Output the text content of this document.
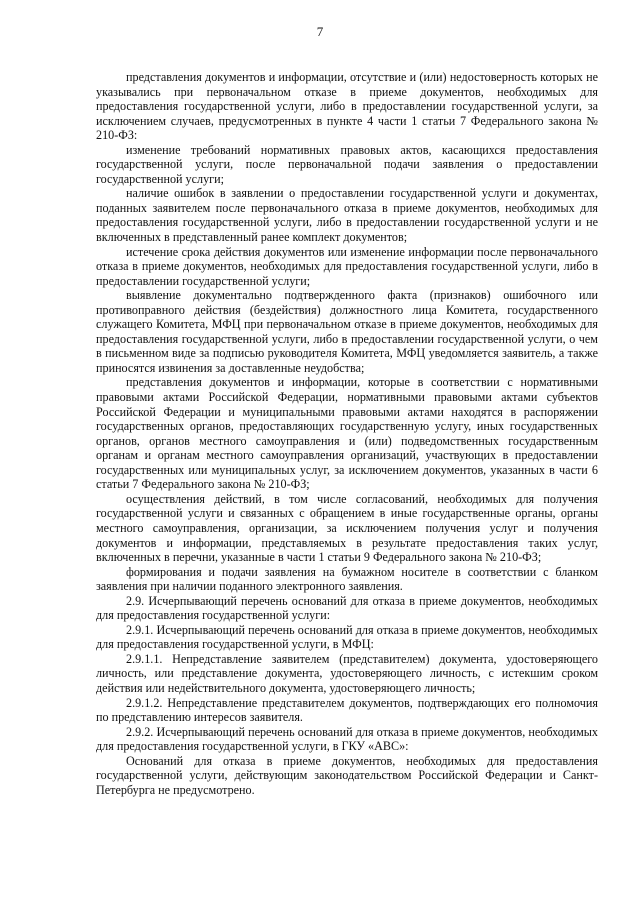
7

представления документов и информации, отсутствие и (или) недостоверность которых не указывались при первоначальном отказе в приеме документов, необходимых для предоставления государственной услуги, либо в предоставлении государственной услуги, за исключением случаев, предусмотренных в пункте 4 части 1 статьи 7 Федерального закона № 210-ФЗ:

изменение требований нормативных правовых актов, касающихся предоставления государственной услуги, после первоначальной подачи заявления о предоставлении государственной услуги;

наличие ошибок в заявлении о предоставлении государственной услуги и документах, поданных заявителем после первоначального отказа в приеме документов, необходимых для предоставления государственной услуги, либо в предоставлении государственной услуги и не включенных в представленный ранее комплект документов;

истечение срока действия документов или изменение информации после первоначального отказа в приеме документов, необходимых для предоставления государственной услуги, либо в предоставлении государственной услуги;

выявление документально подтвержденного факта (признаков) ошибочного или противоправного действия (бездействия) должностного лица Комитета, государственного служащего Комитета, МФЦ при первоначальном отказе в приеме документов, необходимых для предоставления государственной услуги, либо в предоставлении государственной услуги, о чем в письменном виде за подписью руководителя Комитета, МФЦ уведомляется заявитель, а также приносятся извинения за доставленные неудобства;

представления документов и информации, которые в соответствии с нормативными правовыми актами Российской Федерации, нормативными правовыми актами субъектов Российской Федерации и муниципальными правовыми актами находятся в распоряжении государственных органов, предоставляющих государственную услугу, иных государственных органов, органов местного самоуправления и (или) подведомственных государственным органам и органам местного самоуправления организаций, участвующих в предоставлении государственных или муниципальных услуг, за исключением документов, указанных в части 6 статьи 7 Федерального закона № 210-ФЗ;

осуществления действий, в том числе согласований, необходимых для получения государственной услуги и связанных с обращением в иные государственные органы, органы местного самоуправления, организации, за исключением получения услуг и получения документов и информации, представляемых в результате предоставления таких услуг, включенных в перечни, указанные в части 1 статьи 9 Федерального закона № 210-ФЗ;

формирования и подачи заявления на бумажном носителе в соответствии с бланком заявления при наличии поданного электронного заявления.

2.9. Исчерпывающий перечень оснований для отказа в приеме документов, необходимых для предоставления государственной услуги:

2.9.1. Исчерпывающий перечень оснований для отказа в приеме документов, необходимых для предоставления государственной услуги, в МФЦ:

2.9.1.1. Непредставление заявителем (представителем) документа, удостоверяющего личность, или представление документа, удостоверяющего личность, с истекшим сроком действия или недействительного документа, удостоверяющего личность;

2.9.1.2. Непредставление представителем документов, подтверждающих его полномочия по представлению интересов заявителя.

2.9.2. Исчерпывающий перечень оснований для отказа в приеме документов, необходимых для предоставления государственной услуги, в ГКУ «АВС»:

Оснований для отказа в приеме документов, необходимых для предоставления государственной услуги, действующим законодательством Российской Федерации и Санкт-Петербурга не предусмотрено.
